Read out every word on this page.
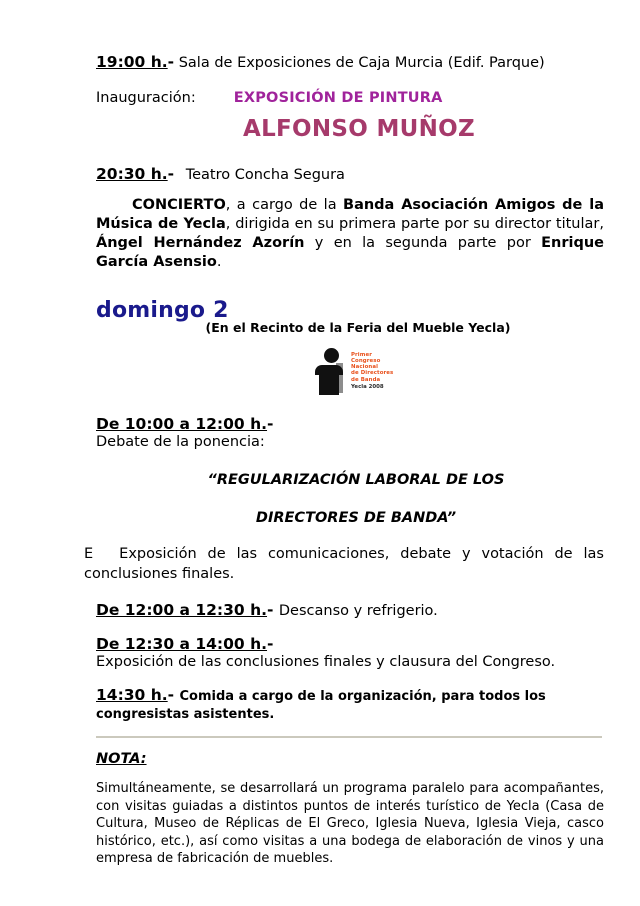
19:00 h.- Sala de Exposiciones de Caja Murcia (Edif. Parque)
Inauguración:	EXPOSICIÓN DE PINTURA
ALFONSO MUÑOZ
20:30 h.- Teatro Concha Segura

CONCIERTO, a cargo de la Banda Asociación Amigos de la Música de Yecla, dirigida en su primera parte por su director titular, Ángel Hernández Azorín y en la segunda parte por Enrique García Asensio.

domingo 2
(En el Recinto de la Feria del Mueble Yecla)
Primer
Congreso
Nacional
de Directores
de Banda
Yecla 2008
De 10:00 a 12:00 h.-
Debate de la ponencia:
“REGULARIZACIÓN LABORAL DE LOS
DIRECTORES DE BANDA”
E Exposición de las comunicaciones, debate y votación de las conclusiones finales.
De 12:00 a 12:30 h.- Descanso y refrigerio.
De 12:30 a 14:00 h.-
Exposición de las conclusiones finales y clausura del Congreso.
14:30 h.- Comida a cargo de la organización, para todos los congresistas asistentes.
NOTA:
Simultáneamente, se desarrollará un programa paralelo para acompañantes, con visitas guiadas a distintos puntos de interés turístico de Yecla (Casa de Cultura, Museo de Réplicas de El Greco, Iglesia Nueva, Iglesia Vieja, casco histórico, etc.), así como visitas a una bodega de elaboración de vinos y una empresa de fabricación de muebles.
